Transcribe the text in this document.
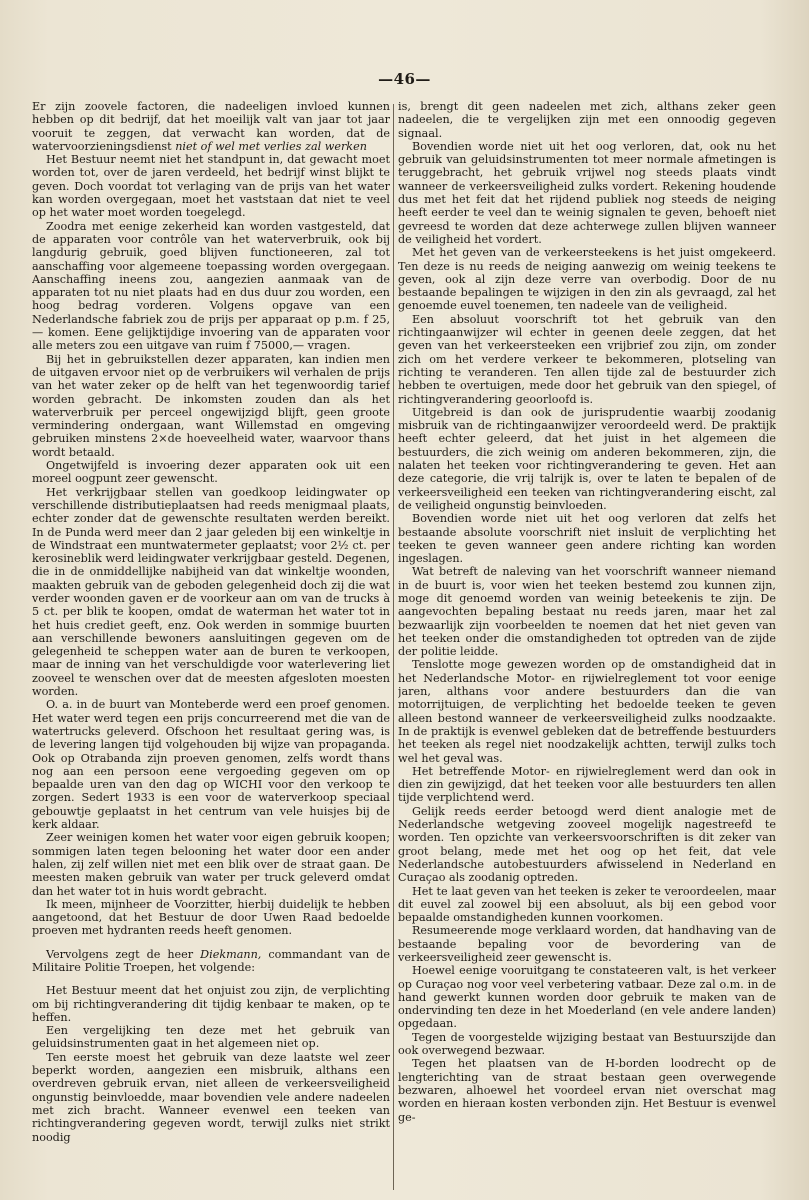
—46—

Er zijn zoovele factoren, die nadeeligen invloed kunnen hebben op dit bedrijf, dat het moeilijk valt van jaar tot jaar vooruit te zeggen, dat verwacht kan worden, dat de watervoorzieningsdienst niet of wel met verlies zal werken

Het Bestuur neemt niet het standpunt in, dat gewacht moet worden tot, over de jaren verdeeld, het bedrijf winst blijkt te geven. Doch voordat tot verlaging van de prijs van het water kan worden overgegaan, moet het vaststaan dat niet te veel op het water moet worden toegelegd.

Zoodra met eenige zekerheid kan worden vastgesteld, dat de apparaten voor contrôle van het waterverbruik, ook bij langdurig gebruik, goed blijven functioneeren, zal tot aanschaffing voor algemeene toepassing worden overgegaan. Aanschaffing ineens zou, aangezien aanmaak van de apparaten tot nu niet plaats had en dus duur zou worden, een hoog bedrag vorderen. Volgens opgave van een Nederlandsche fabriek zou de prijs per apparaat op p.m. f 25,— komen. Eene gelijktijdige invoering van de apparaten voor alle meters zou een uitgave van ruim f 75000,— vragen.

Bij het in gebruikstellen dezer apparaten, kan indien men de uitgaven ervoor niet op de verbruikers wil verhalen de prijs van het water zeker op de helft van het tegenwoordig tarief worden gebracht. De inkomsten zouden dan als het waterverbruik per perceel ongewijzigd blijft, geen groote vermindering ondergaan, want Willemstad en omgeving gebruiken minstens 2×de hoeveelheid water, waarvoor thans wordt betaald.

Ongetwijfeld is invoering dezer apparaten ook uit een moreel oogpunt zeer gewenscht.

Het verkrijgbaar stellen van goedkoop leidingwater op verschillende distributieplaatsen had reeds menigmaal plaats, echter zonder dat de gewenschte resultaten werden bereikt. In de Punda werd meer dan 2 jaar geleden bij een winkeltje in de Windstraat een muntwatermeter geplaatst; voor 2½ ct. per kerosineblik werd leidingwater verkrijgbaar gesteld. Degenen, die in de onmiddellijke nabijheid van dat winkeltje woonden, maakten gebruik van de geboden gelegenheid doch zij die wat verder woonden gaven er de voorkeur aan om van de trucks à 5 ct. per blik te koopen, omdat de waterman het water tot in het huis crediet geeft, enz. Ook werden in sommige buurten aan verschillende bewoners aansluitingen gegeven om de gelegenheid te scheppen water aan de buren te verkoopen, maar de inning van het verschuldigde voor waterlevering liet zooveel te wenschen over dat de meesten afgesloten moesten worden.

O. a. in de buurt van Monteberde werd een proef genomen. Het water werd tegen een prijs concurreerend met die van de watertrucks geleverd. Ofschoon het resultaat gering was, is de levering langen tijd volgehouden bij wijze van propaganda. Ook op Otrabanda zijn proeven genomen, zelfs wordt thans nog aan een persoon eene vergoeding gegeven om op bepaalde uren van den dag op WICHI voor den verkoop te zorgen. Sedert 1933 is een voor de waterverkoop speciaal gebouwtje geplaatst in het centrum van vele huisjes bij de kerk aldaar.

Zeer weinigen komen het water voor eigen gebruik koopen; sommigen laten tegen belooning het water door een ander halen, zij zelf willen niet met een blik over de straat gaan. De meesten maken gebruik van water per truck geleverd omdat dan het water tot in huis wordt gebracht.

Ik meen, mijnheer de Voorzitter, hierbij duidelijk te hebben aangetoond, dat het Bestuur de door Uwen Raad bedoelde proeven met hydranten reeds heeft genomen.

Vervolgens zegt de heer Diekmann, commandant van de Militaire Politie Troepen, het volgende:

Het Bestuur meent dat het onjuist zou zijn, de verplichting om bij richtingverandering dit tijdig kenbaar te maken, op te heffen.

Een vergelijking ten deze met het gebruik van geluidsinstrumenten gaat in het algemeen niet op.

Ten eerste moest het gebruik van deze laatste wel zeer beperkt worden, aangezien een misbruik, althans een overdreven gebruik ervan, niet alleen de verkeersveiligheid ongunstig beinvloedde, maar bovendien vele andere nadeelen met zich bracht. Wanneer evenwel een teeken van richtingverandering gegeven wordt, terwijl zulks niet strikt noodig

is, brengt dit geen nadeelen met zich, althans zeker geen nadeelen, die te vergelijken zijn met een onnoodig gegeven signaal.

Bovendien worde niet uit het oog verloren, dat, ook nu het gebruik van geluidsinstrumenten tot meer normale afmetingen is teruggebracht, het gebruik vrijwel nog steeds plaats vindt wanneer de verkeersveiligheid zulks vordert. Rekening houdende dus met het feit dat het rijdend publiek nog steeds de neiging heeft eerder te veel dan te weinig signalen te geven, behoeft niet gevreesd te worden dat deze achterwege zullen blijven wanneer de veiligheid het vordert.

Met het geven van de verkeersteekens is het juist omgekeerd. Ten deze is nu reeds de neiging aanwezig om weinig teekens te geven, ook al zijn deze verre van overbodig. Door de nu bestaande bepalingen te wijzigen in den zin als gevraagd, zal het genoemde euvel toenemen, ten nadeele van de veiligheid.

Een absoluut voorschrift tot het gebruik van den richtingaanwijzer wil echter in geenen deele zeggen, dat het geven van het verkeersteeken een vrijbrief zou zijn, om zonder zich om het verdere verkeer te bekommeren, plotseling van richting te veranderen. Ten allen tijde zal de bestuurder zich hebben te overtuigen, mede door het gebruik van den spiegel, of richtingverandering geoorloofd is.

Uitgebreid is dan ook de jurisprudentie waarbij zoodanig misbruik van de richtingaanwijzer veroordeeld werd. De praktijk heeft echter geleerd, dat het juist in het algemeen die bestuurders, die zich weinig om anderen bekommeren, zijn, die nalaten het teeken voor richtingverandering te geven. Het aan deze categorie, die vrij talrijk is, over te laten te bepalen of de verkeersveiligheid een teeken van richtingverandering eischt, zal de veiligheid ongunstig beinvloeden.

Bovendien worde niet uit het oog verloren dat zelfs het bestaande absolute voorschrift niet insluit de verplichting het teeken te geven wanneer geen andere richting kan worden ingeslagen.

Wat betreft de naleving van het voorschrift wanneer niemand in de buurt is, voor wien het teeken bestemd zou kunnen zijn, moge dit genoemd worden van weinig beteekenis te zijn. De aangevochten bepaling bestaat nu reeds jaren, maar het zal bezwaarlijk zijn voorbeelden te noemen dat het niet geven van het teeken onder die omstandigheden tot optreden van de zijde der politie leidde.

Tenslotte moge gewezen worden op de omstandigheid dat in het Nederlandsche Motor- en rijwielreglement tot voor eenige jaren, althans voor andere bestuurders dan die van motorrijtuigen, de verplichting het bedoelde teeken te geven alleen bestond wanneer de verkeersveiligheid zulks noodzaakte. In de praktijk is evenwel gebleken dat de betreffende bestuurders het teeken als regel niet noodzakelijk achtten, terwijl zulks toch wel het geval was.

Het betreffende Motor- en rijwielreglement werd dan ook in dien zin gewijzigd, dat het teeken voor alle bestuurders ten allen tijde verplichtend werd.

Gelijk reeds eerder betoogd werd dient analogie met de Nederlandsche wetgeving zooveel mogelijk nagestreefd te worden. Ten opzichte van verkeersvoorschriften is dit zeker van groot belang, mede met het oog op het feit, dat vele Nederlandsche autobestuurders afwisselend in Nederland en Curaçao als zoodanig optreden.

Het te laat geven van het teeken is zeker te veroordeelen, maar dit euvel zal zoowel bij een absoluut, als bij een gebod voor bepaalde omstandigheden kunnen voorkomen.

Resumeerende moge verklaard worden, dat handhaving van de bestaande bepaling voor de bevordering van de verkeersveiligheid zeer gewenscht is.

Hoewel eenige vooruitgang te constateeren valt, is het verkeer op Curaçao nog voor veel verbetering vatbaar. Deze zal o.m. in de hand gewerkt kunnen worden door gebruik te maken van de ondervinding ten deze in het Moederland (en vele andere landen) opgedaan.

Tegen de voorgestelde wijziging bestaat van Bestuurszijde dan ook overwegend bezwaar.

Tegen het plaatsen van de H-borden loodrecht op de lengterichting van de straat bestaan geen overwegende bezwaren, alhoewel het voordeel ervan niet overschat mag worden en hieraan kosten verbonden zijn. Het Bestuur is evenwel ge-
